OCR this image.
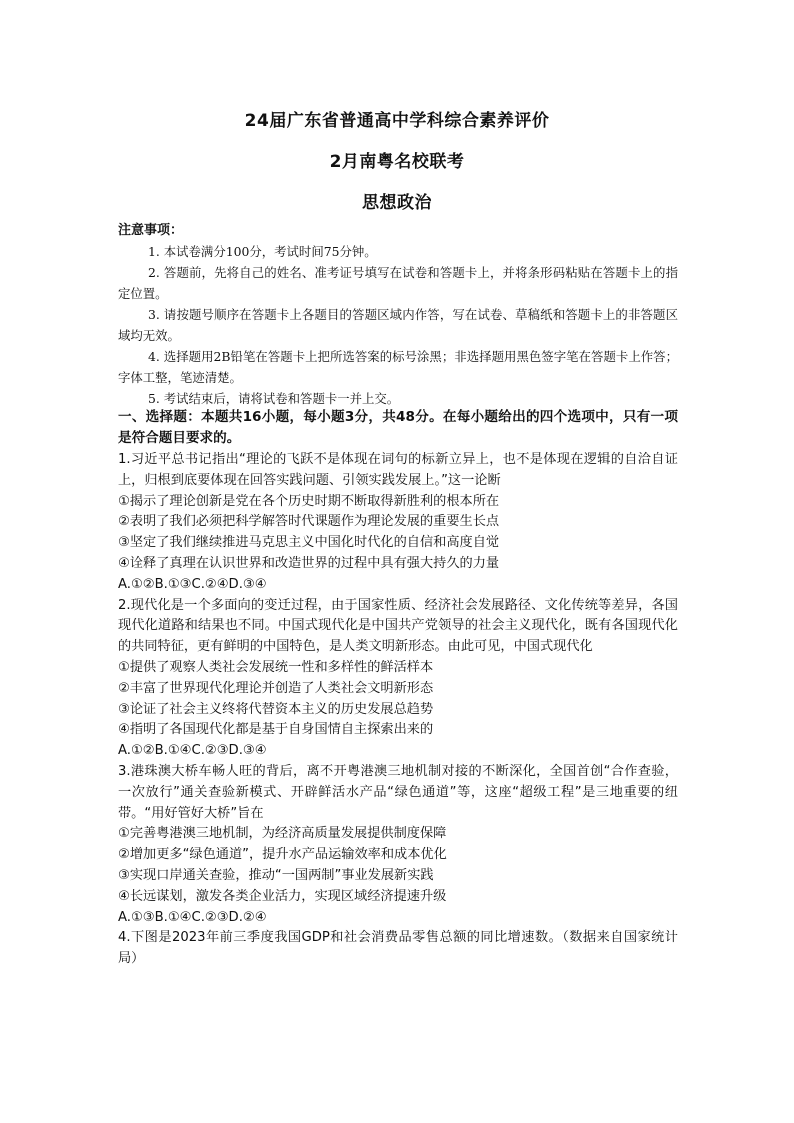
24届广东省普通高中学科综合素养评价
2月南粤名校联考
思想政治
注意事项：
1. 本试卷满分100分，考试时间75分钟。
2. 答题前，先将自己的姓名、准考证号填写在试卷和答题卡上，并将条形码粘贴在答题卡上的指定位置。
3. 请按题号顺序在答题卡上各题目的答题区域内作答，写在试卷、草稿纸和答题卡上的非答题区域均无效。
4. 选择题用2B铅笔在答题卡上把所选答案的标号涂黑；非选择题用黑色签字笔在答题卡上作答；字体工整，笔迹清楚。
5. 考试结束后，请将试卷和答题卡一并上交。
一、选择题：本题共16小题，每小题3分，共48分。在每小题给出的四个选项中，只有一项是符合题目要求的。
1.习近平总书记指出“理论的飞跃不是体现在词句的标新立异上，也不是体现在逻辑的自洽自证上，归根到底要体现在回答实践问题、引领实践发展上。”这一论断
①揭示了理论创新是党在各个历史时期不断取得新胜利的根本所在
②表明了我们必须把科学解答时代课题作为理论发展的重要生长点
③坚定了我们继续推进马克思主义中国化时代化的自信和高度自觉
④诠释了真理在认识世界和改造世界的过程中具有强大持久的力量
A.①②B.①③C.②④D.③④
2.现代化是一个多面向的变迁过程，由于国家性质、经济社会发展路径、文化传统等差异，各国现代化道路和结果也不同。中国式现代化是中国共产党领导的社会主义现代化，既有各国现代化的共同特征，更有鲜明的中国特色，是人类文明新形态。由此可见，中国式现代化
①提供了观察人类社会发展统一性和多样性的鲜活样本
②丰富了世界现代化理论并创造了人类社会文明新形态
③论证了社会主义终将代替资本主义的历史发展总趋势
④指明了各国现代化都是基于自身国情自主探索出来的
A.①②B.①④C.②③D.③④
3.港珠澳大桥车畅人旺的背后，离不开粤港澳三地机制对接的不断深化，全国首创“合作查验，一次放行”通关查验新模式、开辟鲜活水产品“绿色通道”等，这座“超级工程”是三地重要的纽带。“用好管好大桥”旨在
①完善粤港澳三地机制，为经济高质量发展提供制度保障
②增加更多“绿色通道”，提升水产品运输效率和成本优化
③实现口岸通关查验，推动“一国两制”事业发展新实践
④长远谋划，激发各类企业活力，实现区域经济提速升级
A.①③B.①④C.②③D.②④
4.下图是2023年前三季度我国GDP和社会消费品零售总额的同比增速数。（数据来自国家统计局）
